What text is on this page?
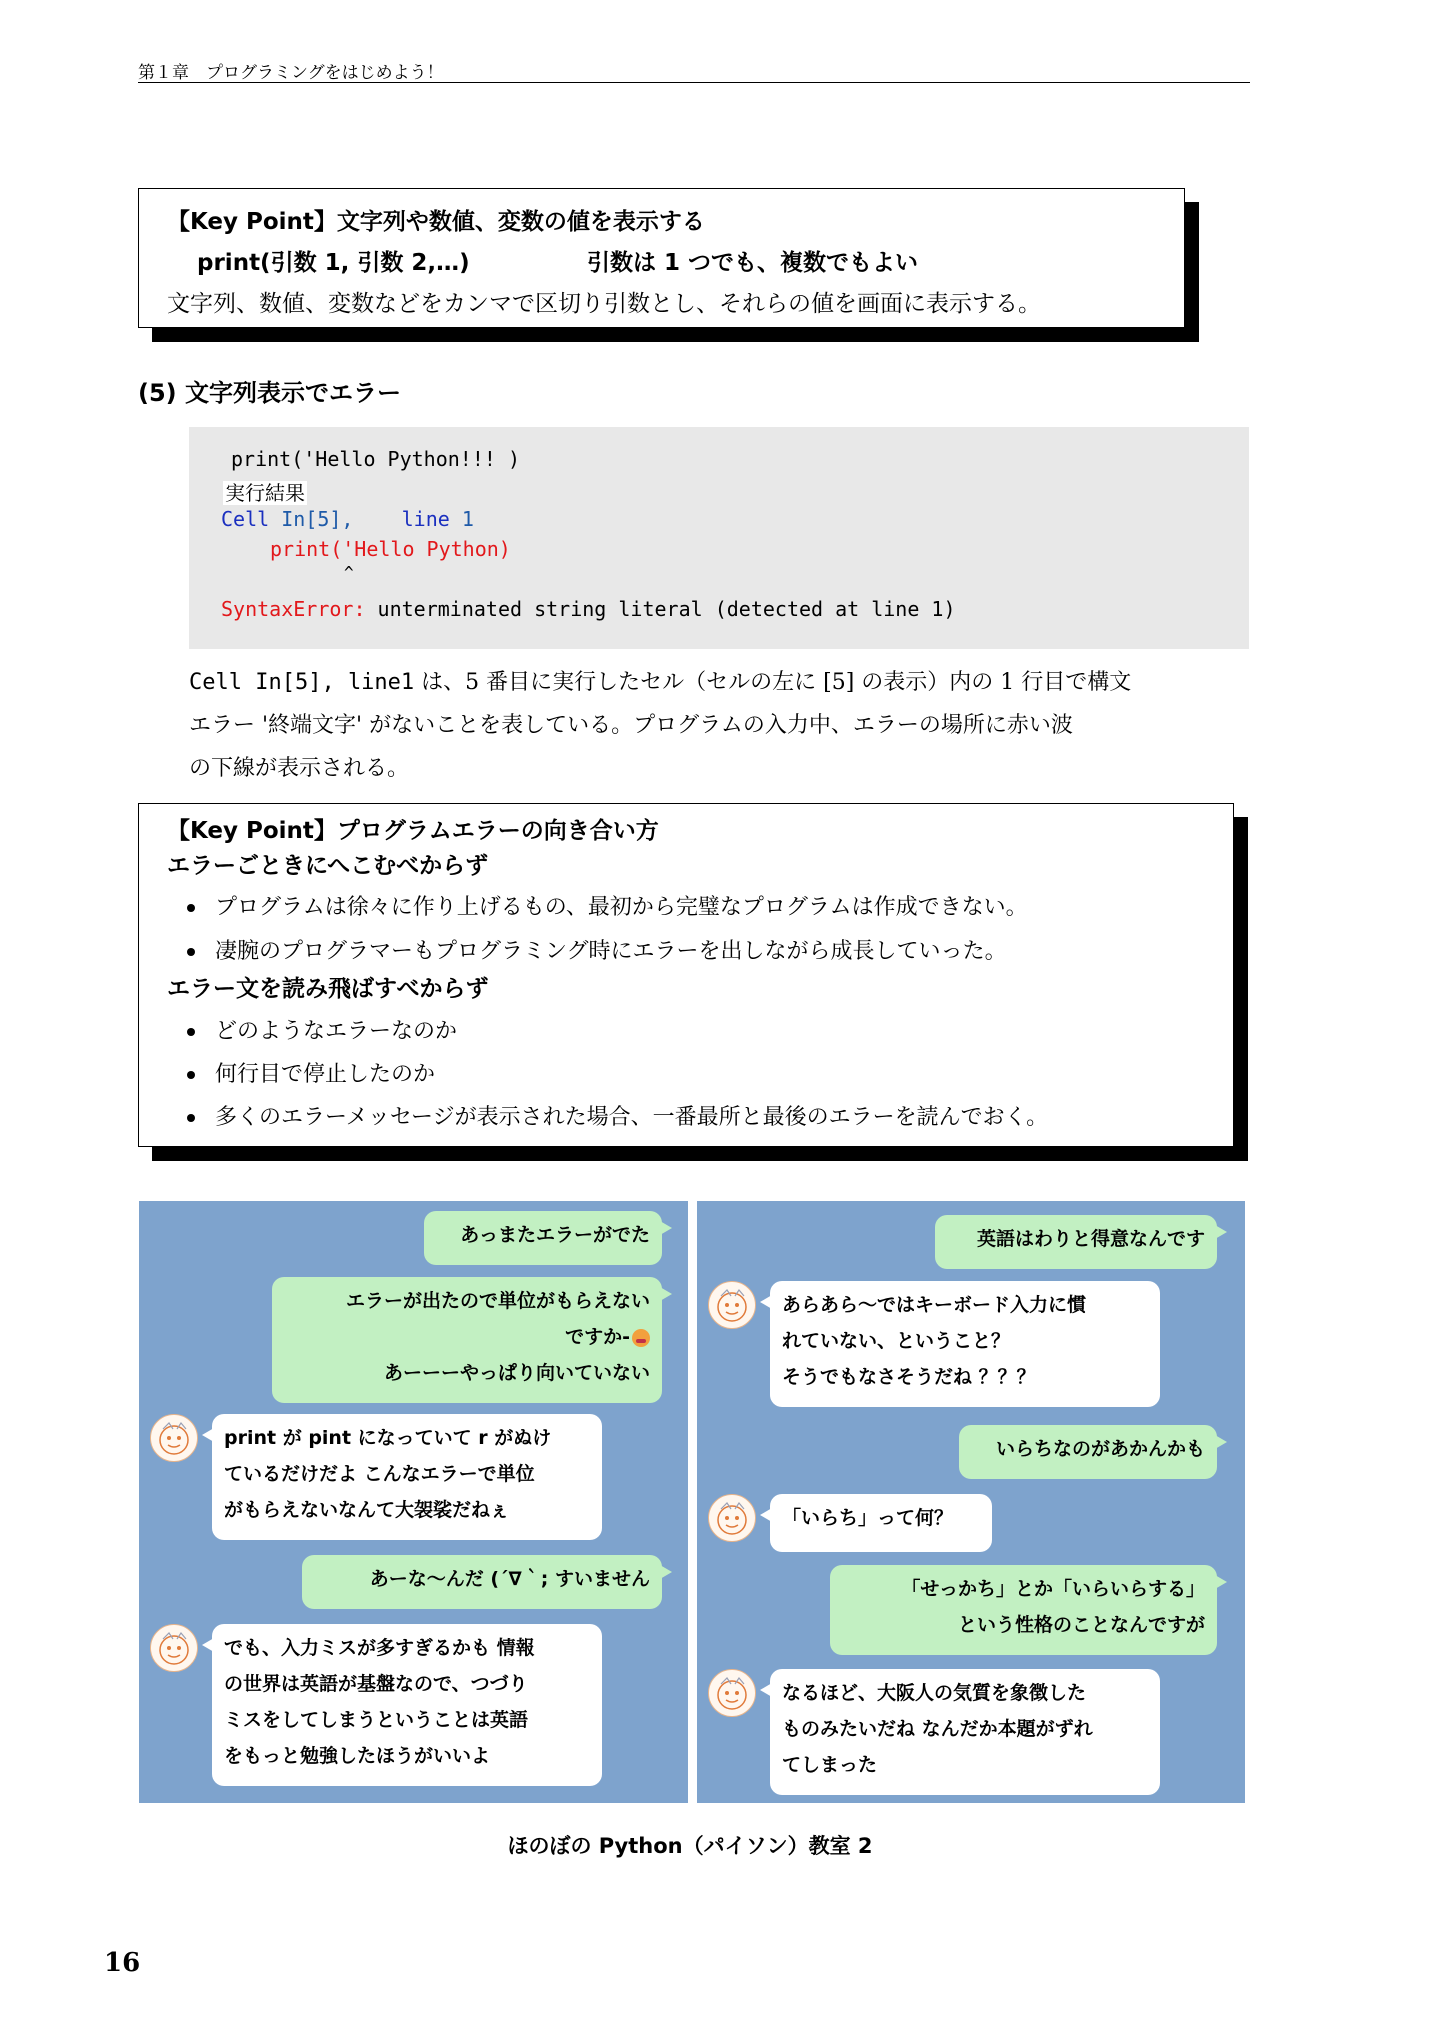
第１章　プログラミングをはじめよう！
【Key Point】文字列や数値、変数の値を表示する
print(引数 1, 引数 2,…)	引数は 1 つでも、複数でもよい
文字列、数値、変数などをカンマで区切り引数とし、それらの値を画面に表示する。
(5) 文字列表示でエラー
print('Hello Python!!! )
実行結果
Cell In[5], line 1
print('Hello Python)
^
SyntaxError: unterminated string literal (detected at line 1)
Cell In[5], line1 は、5 番目に実行したセル（セルの左に [5] の表示）内の 1 行目で構文
エラー '終端文字' がないことを表している。プログラムの入力中、エラーの場所に赤い波
の下線が表示される。
【Key Point】プログラムエラーの向き合い方
エラーごときにへこむべからず
プログラムは徐々に作り上げるもの、最初から完璧なプログラムは作成できない。
凄腕のプログラマーもプログラミング時にエラーを出しながら成長していった。
エラー文を読み飛ばすべからず
どのようなエラーなのか
何行目で停止したのか
多くのエラーメッセージが表示された場合、一番最所と最後のエラーを読んでおく。
あっまたエラーがでた
エラーが出たので単位がもらえない
ですか-
あーーーやっぱり向いていない
print が pint になっていて r がぬけ
ているだけだよ こんなエラーで単位
がもらえないなんて大袈裟だねぇ
あーな〜んだ (´∇｀; すいません
でも、入力ミスが多すぎるかも 情報
の世界は英語が基盤なので、つづり
ミスをしてしまうということは英語
をもっと勉強したほうがいいよ
英語はわりと得意なんです
あらあら〜ではキーボード入力に慣
れていない、ということ？
そうでもなさそうだね ？？？
いらちなのがあかんかも
「いらち」って何？
「せっかち」とか「いらいらする」
という性格のことなんですが
なるほど、大阪人の気質を象徴した
ものみたいだね なんだか本題がずれ
てしまった
ほのぼの Python（パイソン）教室 2
16
